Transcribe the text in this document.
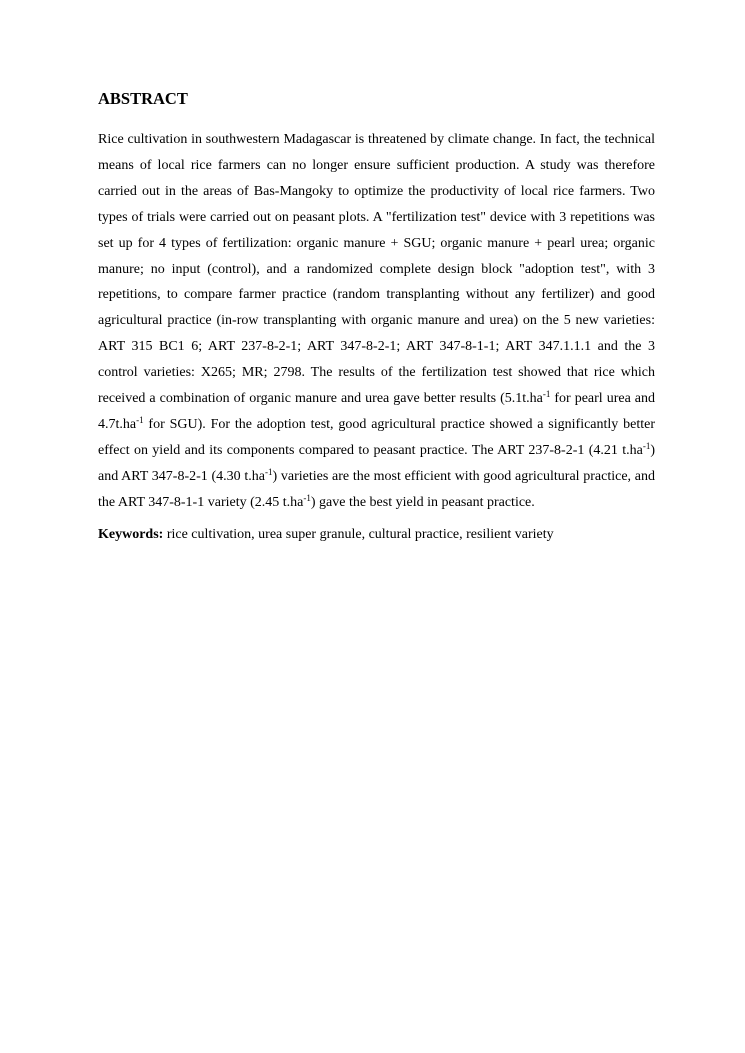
ABSTRACT

Rice cultivation in southwestern Madagascar is threatened by climate change. In fact, the technical means of local rice farmers can no longer ensure sufficient production. A study was therefore carried out in the areas of Bas-Mangoky to optimize the productivity of local rice farmers. Two types of trials were carried out on peasant plots. A "fertilization test" device with 3 repetitions was set up for 4 types of fertilization: organic manure + SGU; organic manure + pearl urea; organic manure; no input (control), and a randomized complete design block "adoption test", with 3 repetitions, to compare farmer practice (random transplanting without any fertilizer) and good agricultural practice (in-row transplanting with organic manure and urea) on the 5 new varieties: ART 315 BC1 6; ART 237-8-2-1; ART 347-8-2-1; ART 347-8-1-1; ART 347.1.1.1 and the 3 control varieties: X265; MR; 2798. The results of the fertilization test showed that rice which received a combination of organic manure and urea gave better results ($5.1t.ha^{-1}$ for pearl urea and $4.7t.ha^{-1}$ for SGU). For the adoption test, good agricultural practice showed a significantly better effect on yield and its components compared to peasant practice. The ART 237-8-2-1 (4.21 $t.ha^{-1}$) and ART 347-8-2-1 (4.30 $t.ha^{-1}$) varieties are the most efficient with good agricultural practice, and the ART 347-8-1-1 variety (2.45 $t.ha^{-1}$) gave the best yield in peasant practice.

Keywords: rice cultivation, urea super granule, cultural practice, resilient variety
